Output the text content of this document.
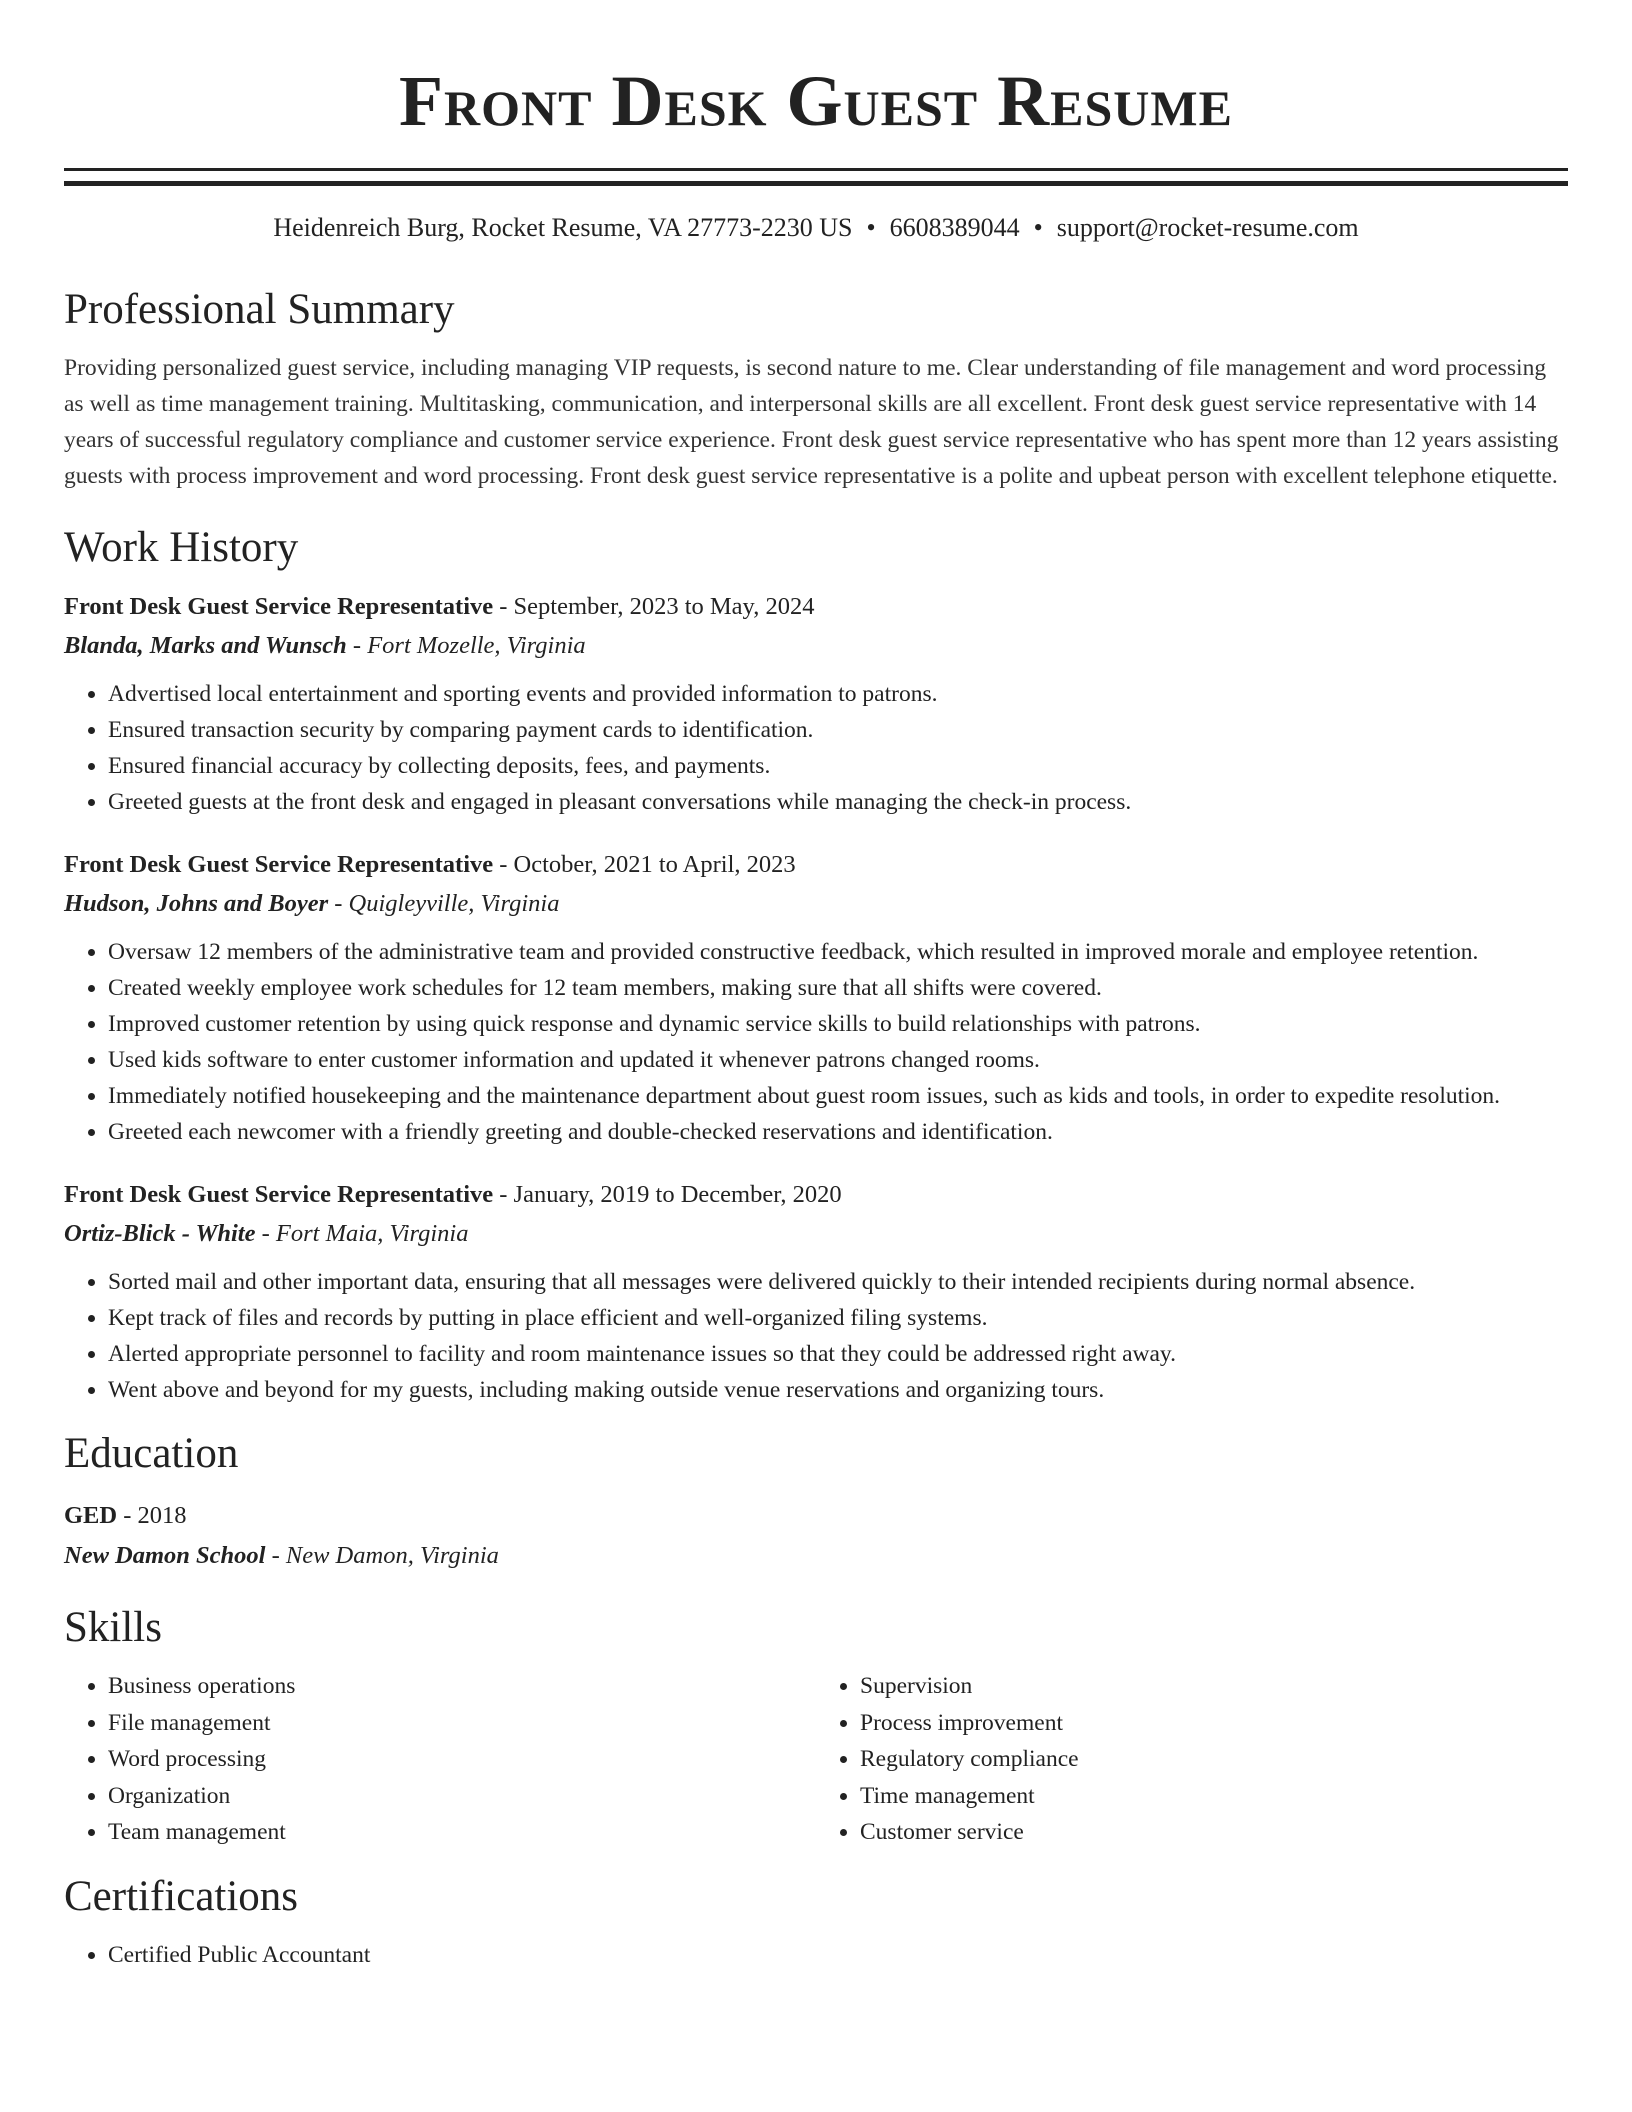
Front Desk Guest Resume
Heidenreich Burg, Rocket Resume, VA 27773-2230 US • 6608389044 • support@rocket-resume.com
Professional Summary

Providing personalized guest service, including managing VIP requests, is second nature to me. Clear understanding of file management and word processing as well as time management training. Multitasking, communication, and interpersonal skills are all excellent. Front desk guest service representative with 14 years of successful regulatory compliance and customer service experience. Front desk guest service representative who has spent more than 12 years assisting guests with process improvement and word processing. Front desk guest service representative is a polite and upbeat person with excellent telephone etiquette.

Work History
Front Desk Guest Service Representative - September, 2023 to May, 2024
Blanda, Marks and Wunsch - Fort Mozelle, Virginia
• Advertised local entertainment and sporting events and provided information to patrons.
• Ensured transaction security by comparing payment cards to identification.
• Ensured financial accuracy by collecting deposits, fees, and payments.
• Greeted guests at the front desk and engaged in pleasant conversations while managing the check-in process.
Front Desk Guest Service Representative - October, 2021 to April, 2023
Hudson, Johns and Boyer - Quigleyville, Virginia
• Oversaw 12 members of the administrative team and provided constructive feedback, which resulted in improved morale and employee retention.
• Created weekly employee work schedules for 12 team members, making sure that all shifts were covered.
• Improved customer retention by using quick response and dynamic service skills to build relationships with patrons.
• Used kids software to enter customer information and updated it whenever patrons changed rooms.
• Immediately notified housekeeping and the maintenance department about guest room issues, such as kids and tools, in order to expedite resolution.
• Greeted each newcomer with a friendly greeting and double-checked reservations and identification.
Front Desk Guest Service Representative - January, 2019 to December, 2020
Ortiz-Blick - White - Fort Maia, Virginia
• Sorted mail and other important data, ensuring that all messages were delivered quickly to their intended recipients during normal absence.
• Kept track of files and records by putting in place efficient and well-organized filing systems.
• Alerted appropriate personnel to facility and room maintenance issues so that they could be addressed right away.
• Went above and beyond for my guests, including making outside venue reservations and organizing tours.
Education
GED - 2018
New Damon School - New Damon, Virginia
Skills
• Business operations
• File management
• Word processing
• Organization
• Team management
• Supervision
• Process improvement
• Regulatory compliance
• Time management
• Customer service
Certifications
• Certified Public Accountant
